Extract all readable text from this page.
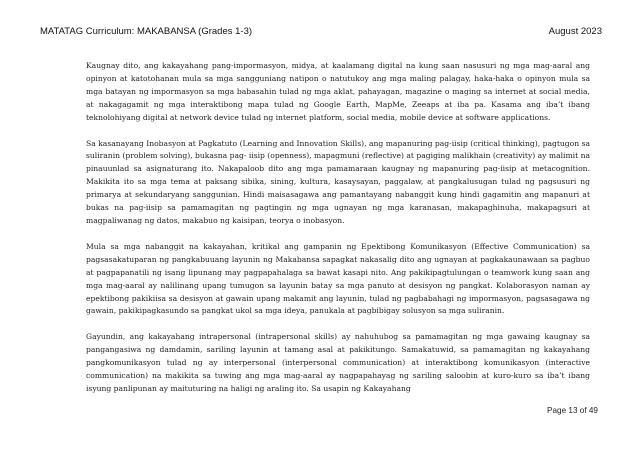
MATATAG Curriculum: MAKABANSA (Grades 1-3)	August 2023

Kaugnay dito, ang kakayahang pang-impormasyon, midya, at kaalamang digital na kung saan nasusuri ng mga mag-aaral ang opinyon at katotohanan mula sa mga sangguniang natipon o natutukoy ang mga maling palagay, haka-haka o opinyon mula sa mga batayan ng impormasyon sa mga babasahin tulad ng mga aklat, pahayagan, magazine o maging sa internet at social media, at nakagagamit ng mga interaktibong mapa tulad ng Google Earth, MapMe, Zeeaps at iba pa. Kasama ang iba’t ibang teknolohiyang digital at network device tulad ng internet platform, social media, mobile device at software applications.

Sa kasanayang Inobasyon at Pagkatuto (Learning and Innovation Skills), ang mapanuring pag-iisip (critical thinking), pagtugon sa suliranin (problem solving), bukasna pag- iisip (openness), mapagmuni (reflective) at pagiging malikhain (creativity) ay malimit na pinauunlad sa asignaturang ito. Nakapaloob dito ang mga pamamaraan kaugnay ng mapanuring pag-iisip at metacognition. Makikita ito sa mga tema at paksang sibika, sining, kultura, kasaysayan, paggalaw, at pangkalusugan tulad ng pagsusuri ng primarya at sekundaryang sanggunian. Hindi maisasagawa ang pamantayang nabanggit kung hindi gagamitin ang mapanuri at bukas na pag-iisip sa pamamagitan ng pagtingin ng mga ugnayan ng mga karanasan, makapaghinuha, makapagsuri at magpaliwanag ng datos, makabuo ng kaisipan, teorya o inobasyon.

Mula sa mga nabanggit na kakayahan, kritikal ang gampanin ng Epektibong Komunikasyon (Effective Communication) sa pagsasakatuparan ng pangkabuuang layunin ng Makabansa sapagkat nakasalig dito ang ugnayan at pagkakaunawaan sa pagbuo at pagpapanatili ng isang lipunang may pagpapahalaga sa bawat kasapi nito. Ang pakikipagtulungan o teamwork kung saan ang mga mag-aaral ay nalilinang upang tumugon sa layunin batay sa mga panuto at desisyon ng pangkat. Kolaborasyon naman ay epektibong pakikiisa sa desisyon at gawain upang makamit ang layunin, tulad ng pagbabahagi ng impormasyon, pagsasagawa ng gawain, pakikipagkasundo sa pangkat ukol sa mga ideya, panukala at pagbibigay solusyon sa mga suliranin.

Gayundin, ang kakayahang intrapersonal (intrapersonal skills) ay nahuhubog sa pamamagitan ng mga gawaing kaugnay sa pangangasiwa ng damdamin, sariling layunin at tamang asal at pakikitungo. Samakatuwid, sa pamamagitan ng kakayahang pangkomunikasyon tulad ng ay interpersonal (interpersonal communication) at interaktibong komunikasyon (interactive communication) na makikita sa tuwing ang mga mag-aaral ay nagpapahayag ng sariling saloobin at kuro-kuro sa iba’t ibang isyung panlipunan ay maituturing na haligi ng araling ito. Sa usapin ng Kakayahang

Page 13 of 49
